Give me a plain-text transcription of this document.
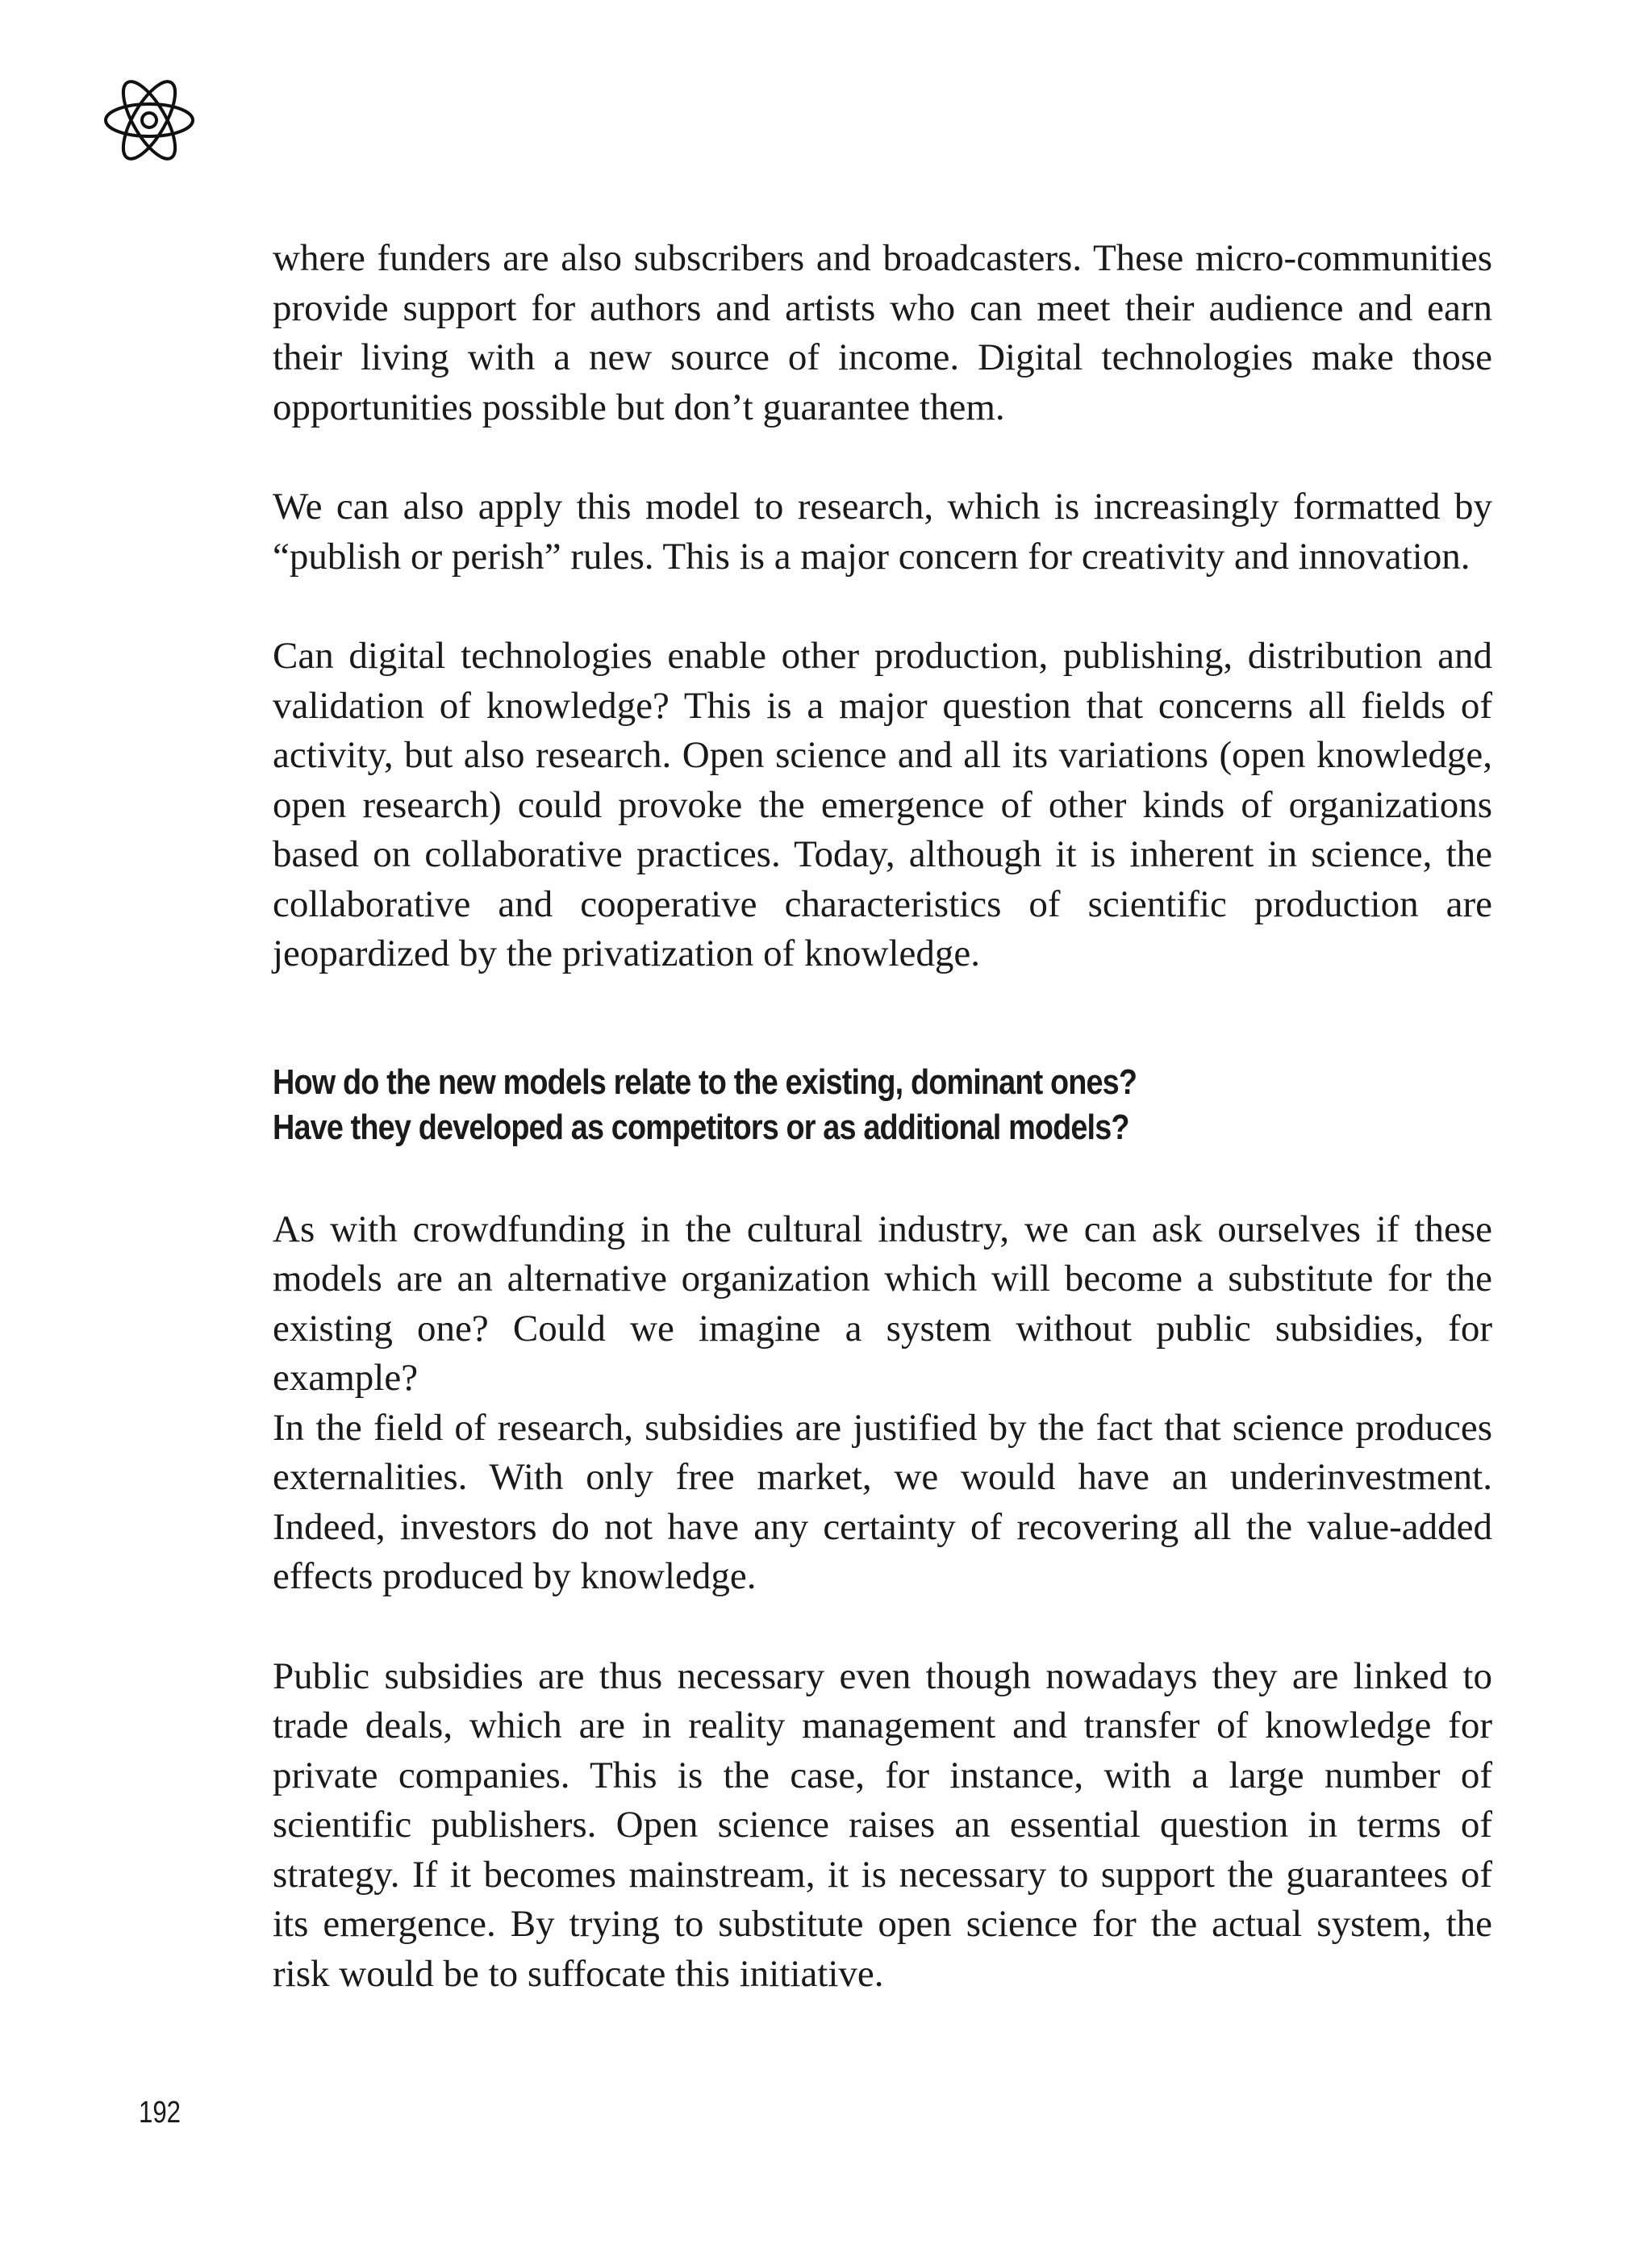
where funders are also subscribers and broadcasters. These micro-communities provide support for authors and artists who can meet their audience and earn their living with a new source of income. Digital technologies make those opportunities possible but don’t guarantee them.

We can also apply this model to research, which is increasingly formatted by “publish or perish” rules. This is a major concern for creativity and innovation.

Can digital technologies enable other production, publishing, distribution and validation of knowledge? This is a major question that concerns all fields of activity, but also research. Open science and all its variations (open knowledge, open research) could provoke the emergence of other kinds of organizations based on collaborative practices. Today, although it is inherent in science, the collaborative and cooperative characteristics of scientific production are jeopardized by the privatization of knowledge.

How do the new models relate to the existing, dominant ones?
Have they developed as competitors or as additional models?

As with crowdfunding in the cultural industry, we can ask ourselves if these models are an alternative organization which will become a substitute for the existing one? Could we imagine a system without public subsidies, for example?

In the field of research, subsidies are justified by the fact that science produces externalities. With only free market, we would have an underinvestment. Indeed, investors do not have any certainty of recovering all the value-added effects produced by knowledge.

Public subsidies are thus necessary even though nowadays they are linked to trade deals, which are in reality management and transfer of knowledge for private companies. This is the case, for instance, with a large number of scientific publishers. Open science raises an essential question in terms of strategy. If it becomes mainstream, it is necessary to support the guarantees of its emergence. By trying to substitute open science for the actual system, the risk would be to suffocate this initiative.

192
